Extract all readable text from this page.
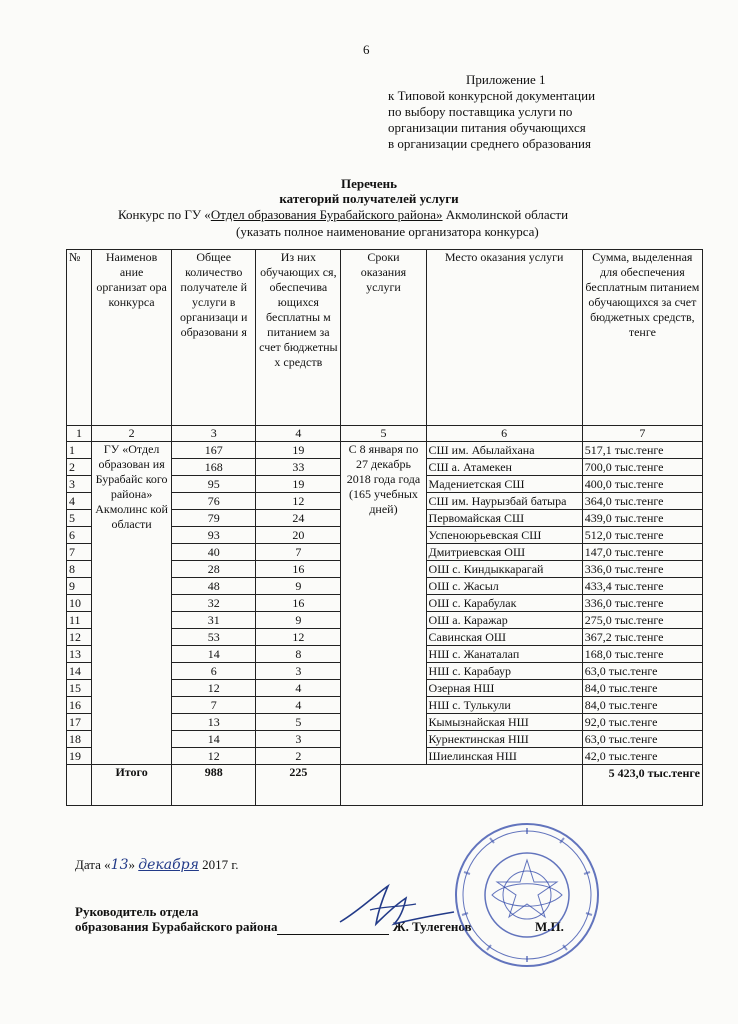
6
Приложение 1
к Типовой конкурсной документации
по выбору поставщика услуги по
организации питания обучающихся
в организации среднего образования
Перечень
категорий получателей услуги
Конкурс по ГУ «Отдел образования Бурабайского района» Акмолинской области
(указать полное наименование организатора конкурса)
№	Наименов ание организат ора конкурса	Общее количество получателе й услуги в организаци и образовани я	Из них обучающих ся, обеспечива ющихся бесплатны м питанием за счет бюджетны х средств	Сроки оказания услуги	Место оказания услуги	Сумма, выделенная для обеспечения бесплатным питанием обучающихся за счет бюджетных средств, тенге
1	2	3	4	5	6	7
1	ГУ «Отдел образован ия Бурабайс кого района» Акмолинс кой области	167	19	С 8 января по 27 декабрь 2018 года года (165 учебных дней)	СШ им. Абылайхана	517,1 тыс.тенге
2		168	33		СШ а. Атамекен	700,0 тыс.тенге
3		95	19		Мадениетская СШ	400,0 тыс.тенге
4		76	12		СШ им. Наурызбай батыра	364,0 тыс.тенге
5		79	24		Первомайская СШ	439,0 тыс.тенге
6		93	20		Успеноюрьевская СШ	512,0 тыс.тенге
7		40	7		Дмитриевская ОШ	147,0 тыс.тенге
8		28	16		ОШ с. Киндыккарагай	336,0 тыс.тенге
9		48	9		ОШ с. Жасыл	433,4 тыс.тенге
10		32	16		ОШ с. Карабулак	336,0 тыс.тенге
11		31	9		ОШ а. Каражар	275,0 тыс.тенге
12		53	12		Савинская ОШ	367,2 тыс.тенге
13		14	8		НШ с. Жанаталап	168,0 тыс.тенге
14		6	3		НШ с. Карабаур	63,0 тыс.тенге
15		12	4		Озерная НШ	84,0 тыс.тенге
16		7	4		НШ с. Тулькули	84,0 тыс.тенге
17		13	5		Кымызнайская НШ	92,0 тыс.тенге
18		14	3		Курнектинская НШ	63,0 тыс.тенге
19		12	2		Шиелинская НШ	42,0 тыс.тенге
	Итого	988	225			5 423,0 тыс.тенге
Дата «13» декабря 2017 г.
Руководитель отдела
образования Бурабайского района	Ж. Тулегенов	М.П.
